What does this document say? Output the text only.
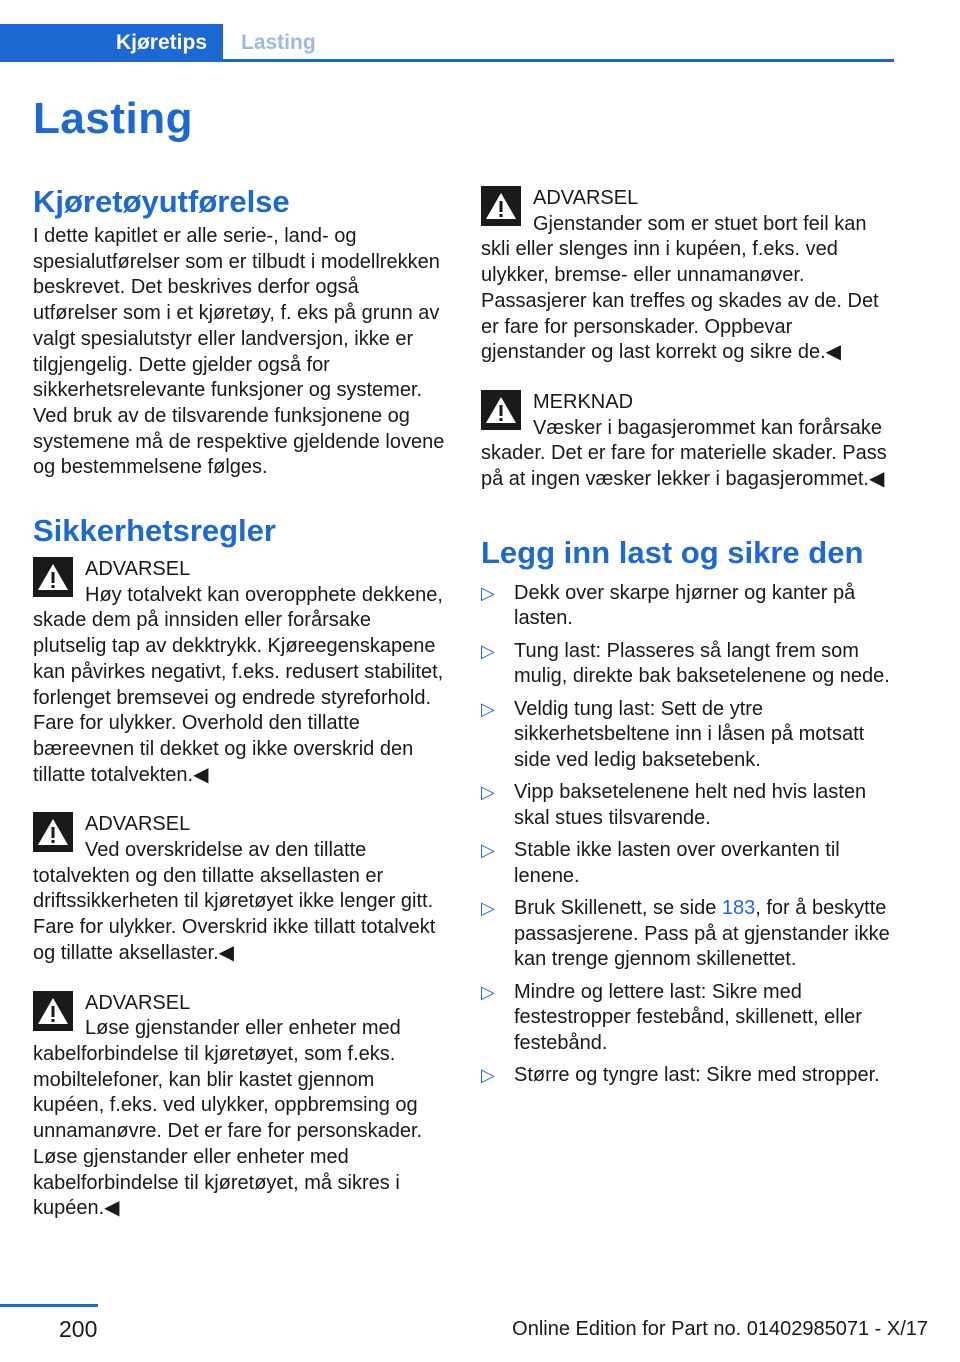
Kjøretips	Lasting
Lasting
Kjøretøyutførelse

I dette kapitlet er alle serie-, land- og spesialutførelser som er tilbudt i modellrekken beskrevet. Det beskrives derfor også utførelser som i et kjøretøy, f. eks på grunn av valgt spesialutstyr eller landversjon, ikke er tilgjengelig. Dette gjelder også for sikkerhetsrelevante funksjoner og systemer. Ved bruk av de tilsvarende funksjonene og systemene må de respektive gjeldende lovene og bestemmelsene følges.

Sikkerhetsregler
ADVARSEL
Høy totalvekt kan overopphete dekkene, skade dem på innsiden eller forårsake plutselig tap av dekktrykk. Kjøreegenskapene kan påvirkes negativt, f.eks. redusert stabilitet, forlenget bremsevei og endrede styreforhold. Fare for ulykker. Overhold den tillatte bæreevnen til dekket og ikke overskrid den tillatte totalvekten.◀
ADVARSEL
Ved overskridelse av den tillatte totalvekten og den tillatte aksellasten er driftssikkerheten til kjøretøyet ikke lenger gitt. Fare for ulykker. Overskrid ikke tillatt totalvekt og tillatte aksellaster.◀
ADVARSEL
Løse gjenstander eller enheter med kabelforbindelse til kjøretøyet, som f.eks. mobiltelefoner, kan blir kastet gjennom kupéen, f.eks. ved ulykker, oppbremsing og unnamanøvre. Det er fare for personskader. Løse gjenstander eller enheter med kabelforbindelse til kjøretøyet, må sikres i kupéen.◀
ADVARSEL
Gjenstander som er stuet bort feil kan skli eller slenges inn i kupéen, f.eks. ved ulykker, bremse- eller unnamanøver. Passasjerer kan treffes og skades av de. Det er fare for personskader. Oppbevar gjenstander og last korrekt og sikre de.◀
MERKNAD
Væsker i bagasjerommet kan forårsake skader. Det er fare for materielle skader. Pass på at ingen væsker lekker i bagasjerommet.◀
Legg inn last og sikre den
▷ Dekk over skarpe hjørner og kanter på lasten.
▷ Tung last: Plasseres så langt frem som mulig, direkte bak baksetelenene og nede.
▷ Veldig tung last: Sett de ytre sikkerhetsbeltene inn i låsen på motsatt side ved ledig baksetebenk.
▷ Vipp baksetelenene helt ned hvis lasten skal stues tilsvarende.
▷ Stable ikke lasten over overkanten til lenene.
▷ Bruk Skillenett, se side 183, for å beskytte passasjerene. Pass på at gjenstander ikke kan trenge gjennom skillenettet.
▷ Mindre og lettere last: Sikre med festestropper festebånd, skillenett, eller festebånd.
▷ Større og tyngre last: Sikre med stropper.
200	Online Edition for Part no. 01402985071 - X/17
